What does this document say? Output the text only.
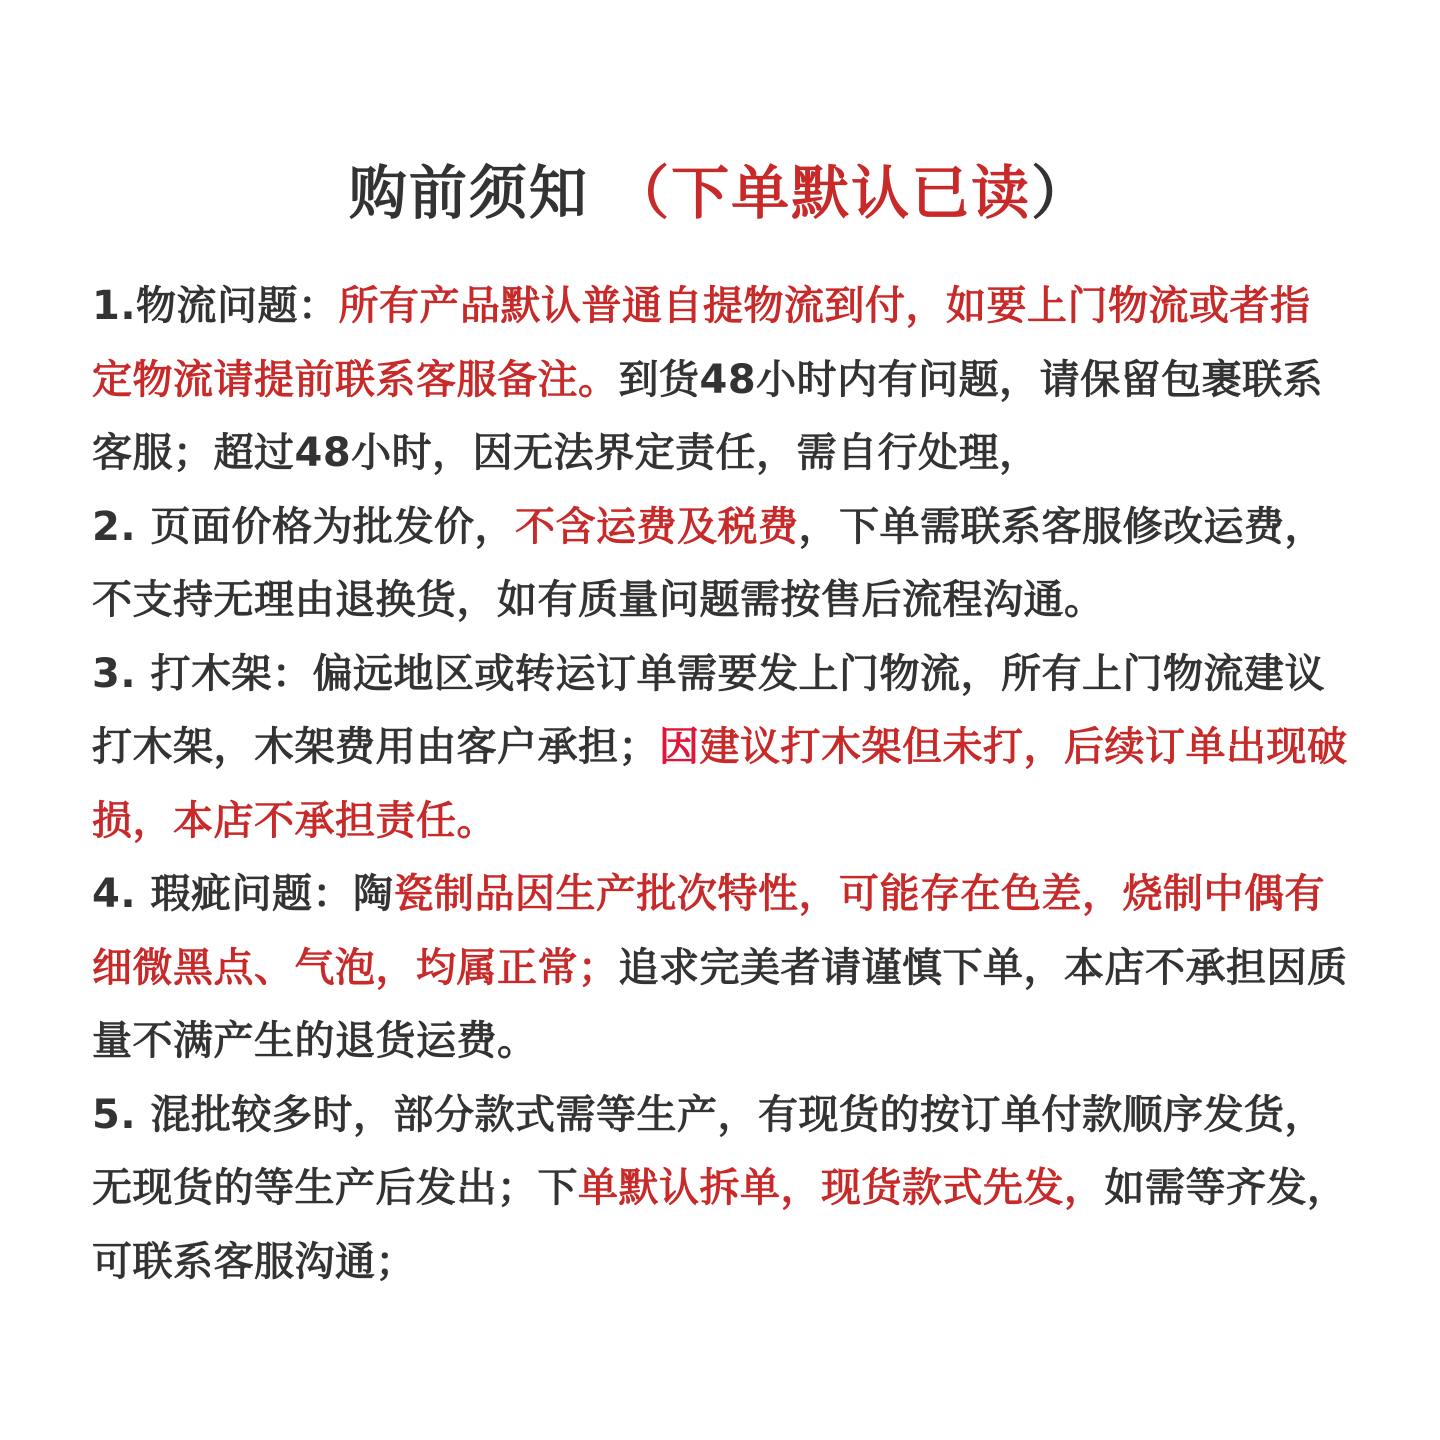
购前须知 （下单默认已读）

1.物流问题：所有产品默认普通自提物流到付，如要上门物流或者指定物流请提前联系客服备注。到货48小时内有问题，请保留包裹联系客服；超过48小时，因无法界定责任，需自行处理，

2. 页面价格为批发价，不含运费及税费，下单需联系客服修改运费，不支持无理由退换货，如有质量问题需按售后流程沟通。

3. 打木架：偏远地区或转运订单需要发上门物流，所有上门物流建议打木架，木架费用由客户承担；因建议打木架但未打，后续订单出现破损，本店不承担责任。

4. 瑕疵问题：陶瓷制品因生产批次特性，可能存在色差，烧制中偶有细微黑点、气泡，均属正常；追求完美者请谨慎下单，本店不承担因质量不满产生的退货运费。

5. 混批较多时，部分款式需等生产，有现货的按订单付款顺序发货，无现货的等生产后发出；下单默认拆单，现货款式先发，如需等齐发，可联系客服沟通；
